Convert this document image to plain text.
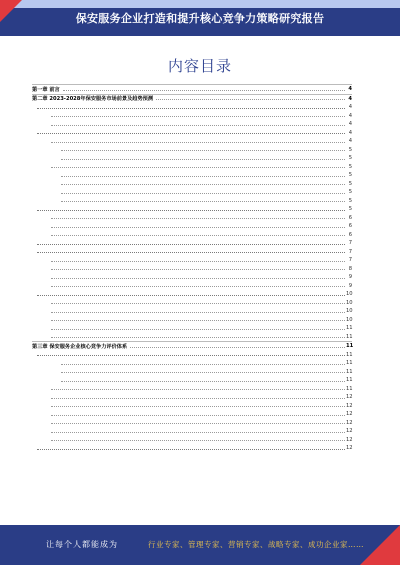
保安服务企业打造和提升核心竞争力策略研究报告
内容目录
第一章 前言	4
第二章 2023-2028年保安服务市场前景及趋势预测	4
4
4
4
4
4
5
5
5
5
5
5
5
5
6
6
6
7
7
7
8
9
9
10
10
10
10
11
11
第三章 保安服务企业核心竞争力评价体系	11
11
11
11
11
11
12
12
12
12
12
12
12
让每个人都能成为	行业专家、管理专家、营销专家、战略专家、成功企业家……
